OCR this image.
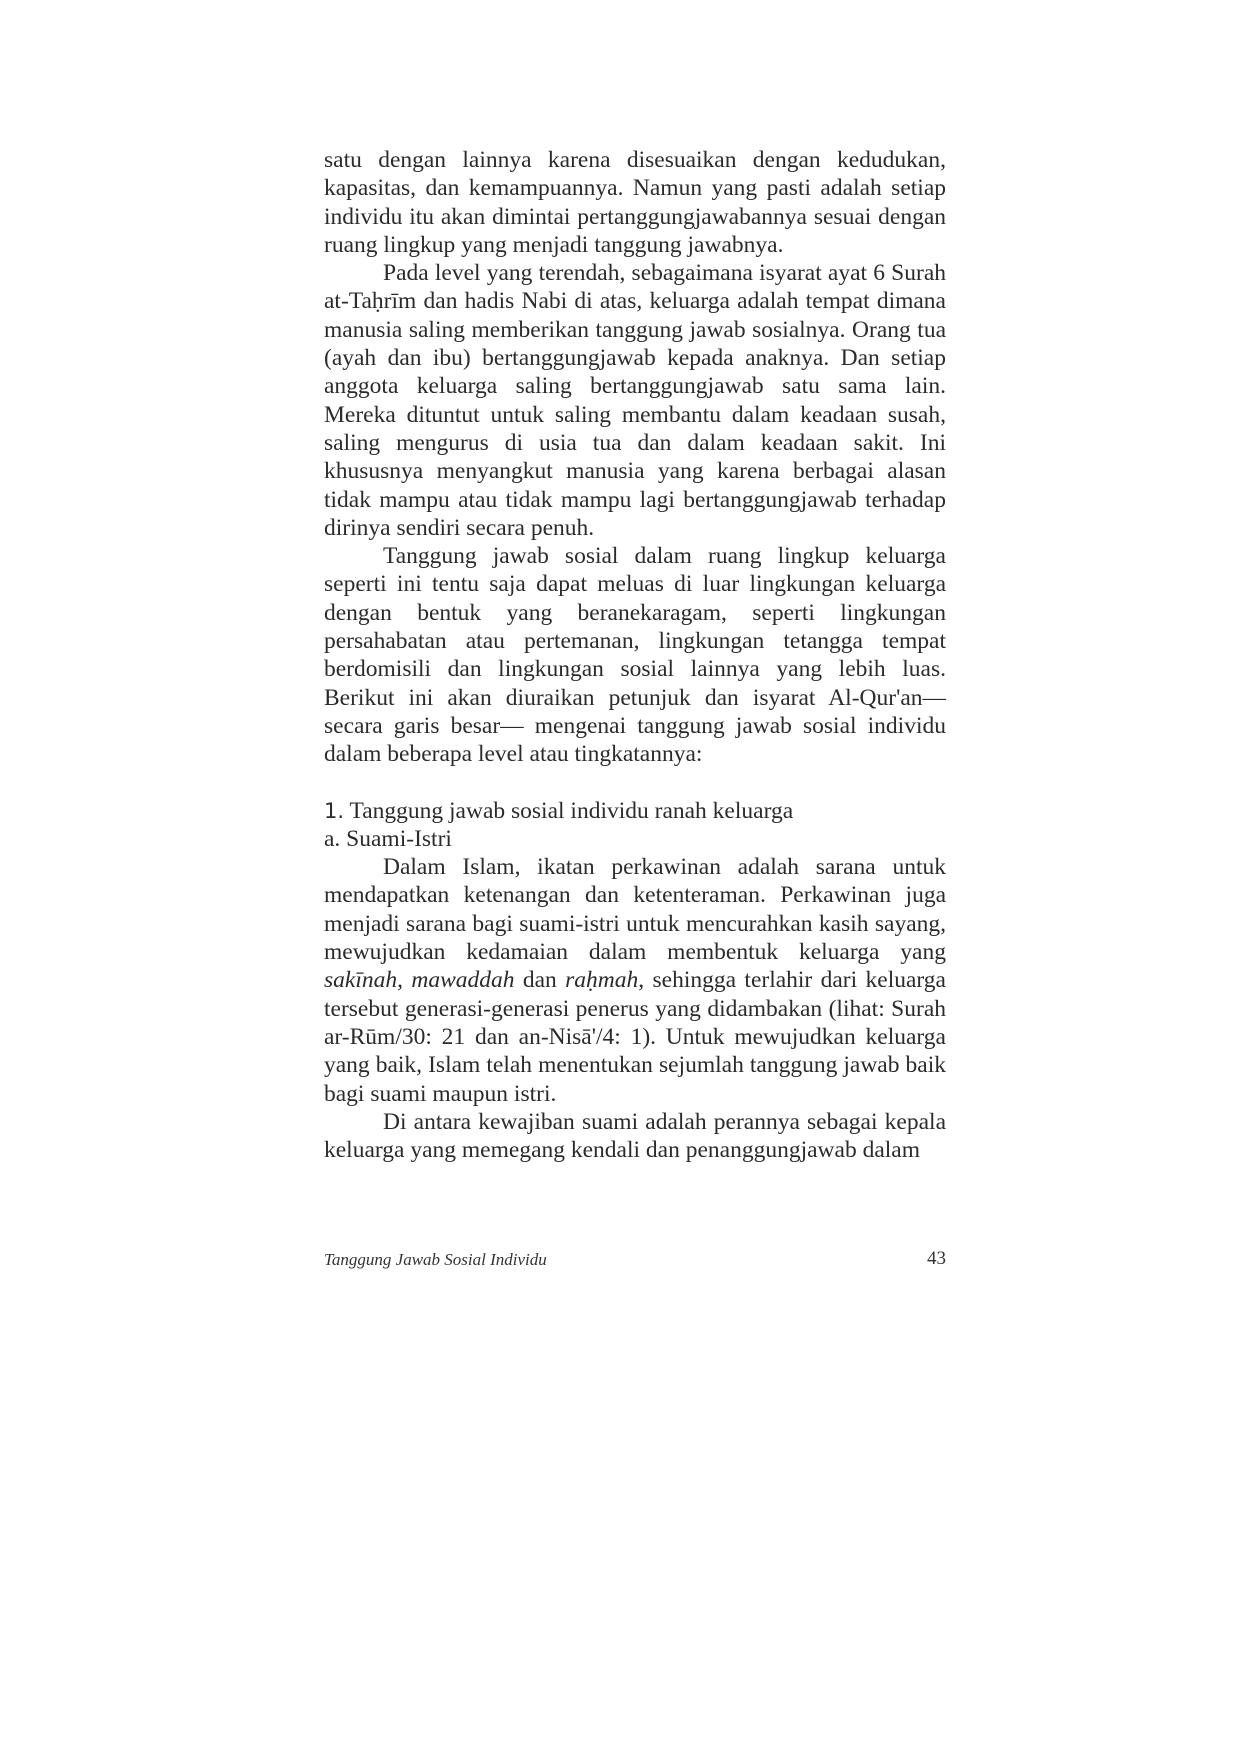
satu dengan lainnya karena disesuaikan dengan kedudukan, kapasitas, dan kemampuannya. Namun yang pasti adalah setiap individu itu akan dimintai pertanggungjawabannya sesuai dengan ruang lingkup yang menjadi tanggung jawabnya.

Pada level yang terendah, sebagaimana isyarat ayat 6 Surah at-Taḥrīm dan hadis Nabi di atas, keluarga adalah tempat dimana manusia saling memberikan tanggung jawab sosialnya. Orang tua (ayah dan ibu) bertanggungjawab kepada anaknya. Dan setiap anggota keluarga saling bertanggungjawab satu sama lain. Mereka dituntut untuk saling membantu dalam keadaan susah, saling mengurus di usia tua dan dalam keadaan sakit. Ini khususnya menyangkut manusia yang karena berbagai alasan tidak mampu atau tidak mampu lagi bertanggungjawab terhadap dirinya sendiri secara penuh.

Tanggung jawab sosial dalam ruang lingkup keluarga seperti ini tentu saja dapat meluas di luar lingkungan keluarga dengan bentuk yang beranekaragam, seperti lingkungan persahabatan atau pertemanan, lingkungan tetangga tempat berdomisili dan lingkungan sosial lainnya yang lebih luas. Berikut ini akan diuraikan petunjuk dan isyarat Al-Qur'an—secara garis besar— mengenai tanggung jawab sosial individu dalam beberapa level atau tingkatannya:

1. Tanggung jawab sosial individu ranah keluarga

a. Suami-Istri

Dalam Islam, ikatan perkawinan adalah sarana untuk mendapatkan ketenangan dan ketenteraman. Perkawinan juga menjadi sarana bagi suami-istri untuk mencurahkan kasih sayang, mewujudkan kedamaian dalam membentuk keluarga yang sakīnah, mawaddah dan raḥmah, sehingga terlahir dari keluarga tersebut generasi-generasi penerus yang didambakan (lihat: Surah ar-Rūm/30: 21 dan an-Nisā'/4: 1). Untuk mewujudkan keluarga yang baik, Islam telah menentukan sejumlah tanggung jawab baik bagi suami maupun istri.

Di antara kewajiban suami adalah perannya sebagai kepala keluarga yang memegang kendali dan penanggungjawab dalam

Tanggung Jawab Sosial Individu	43
